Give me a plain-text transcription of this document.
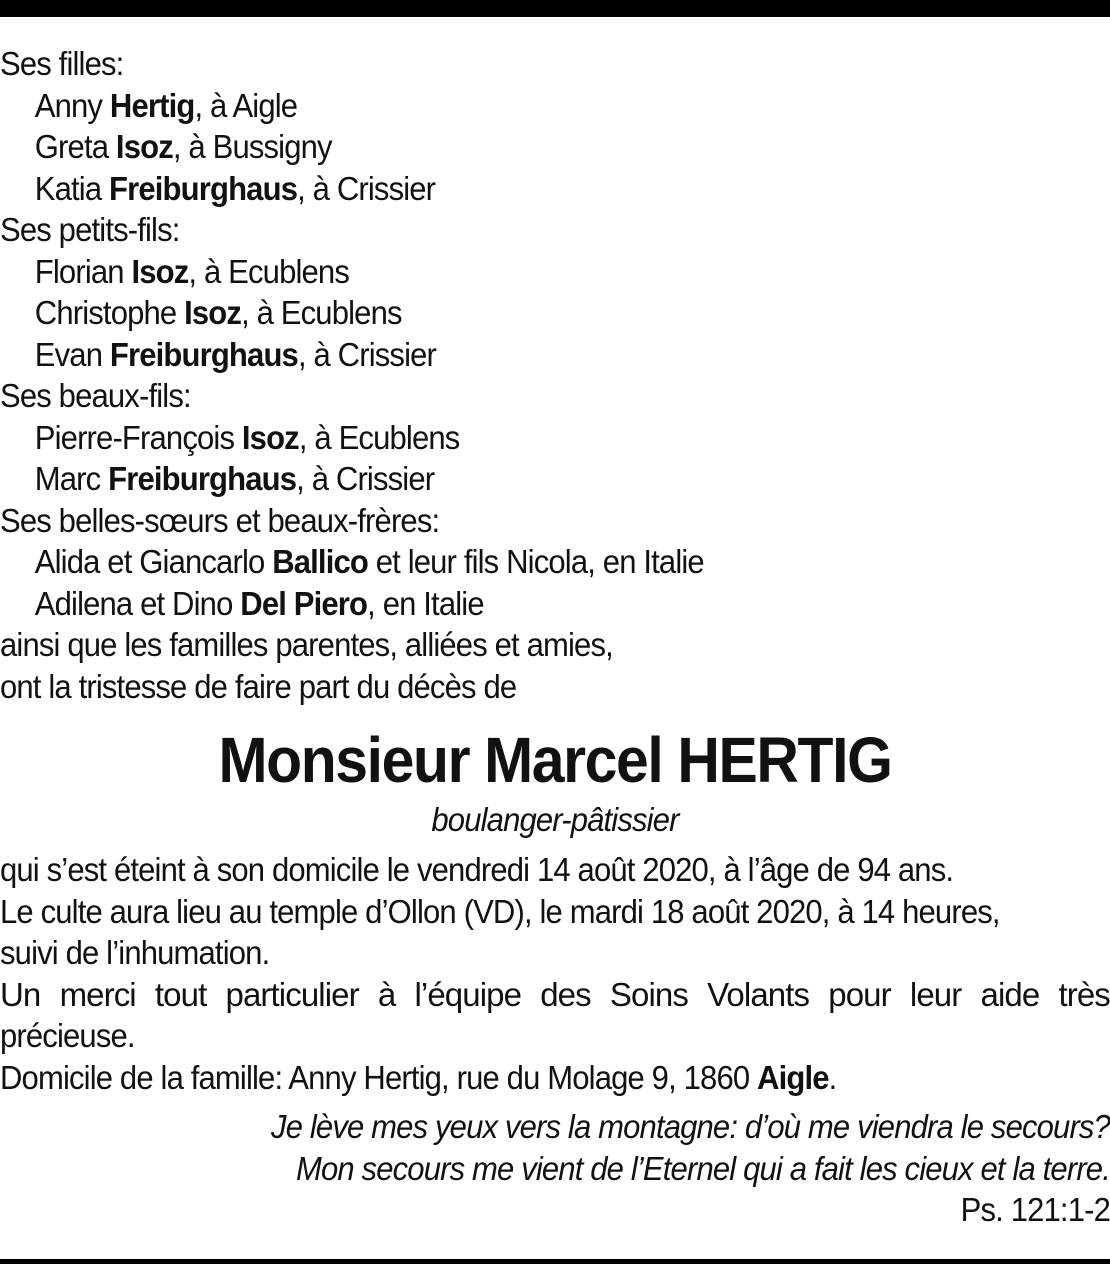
Ses filles:
Anny Hertig, à Aigle
Greta Isoz, à Bussigny
Katia Freiburghaus, à Crissier
Ses petits-fils:
Florian Isoz, à Ecublens
Christophe Isoz, à Ecublens
Evan Freiburghaus, à Crissier
Ses beaux-fils:
Pierre-François Isoz, à Ecublens
Marc Freiburghaus, à Crissier
Ses belles-sœurs et beaux-frères:
Alida et Giancarlo Ballico et leur fils Nicola, en Italie
Adilena et Dino Del Piero, en Italie
ainsi que les familles parentes, alliées et amies,
ont la tristesse de faire part du décès de
Monsieur Marcel HERTIG
boulanger-pâtissier
qui s’est éteint à son domicile le vendredi 14 août 2020, à l’âge de 94 ans.
Le culte aura lieu au temple d’Ollon (VD), le mardi 18 août 2020, à 14 heures,
suivi de l’inhumation.
Un merci tout particulier à l’équipe des Soins Volants pour leur aide très
précieuse.
Domicile de la famille: Anny Hertig, rue du Molage 9, 1860 Aigle.
Je lève mes yeux vers la montagne: d’où me viendra le secours?
Mon secours me vient de l’Eternel qui a fait les cieux et la terre.
Ps. 121:1-2
